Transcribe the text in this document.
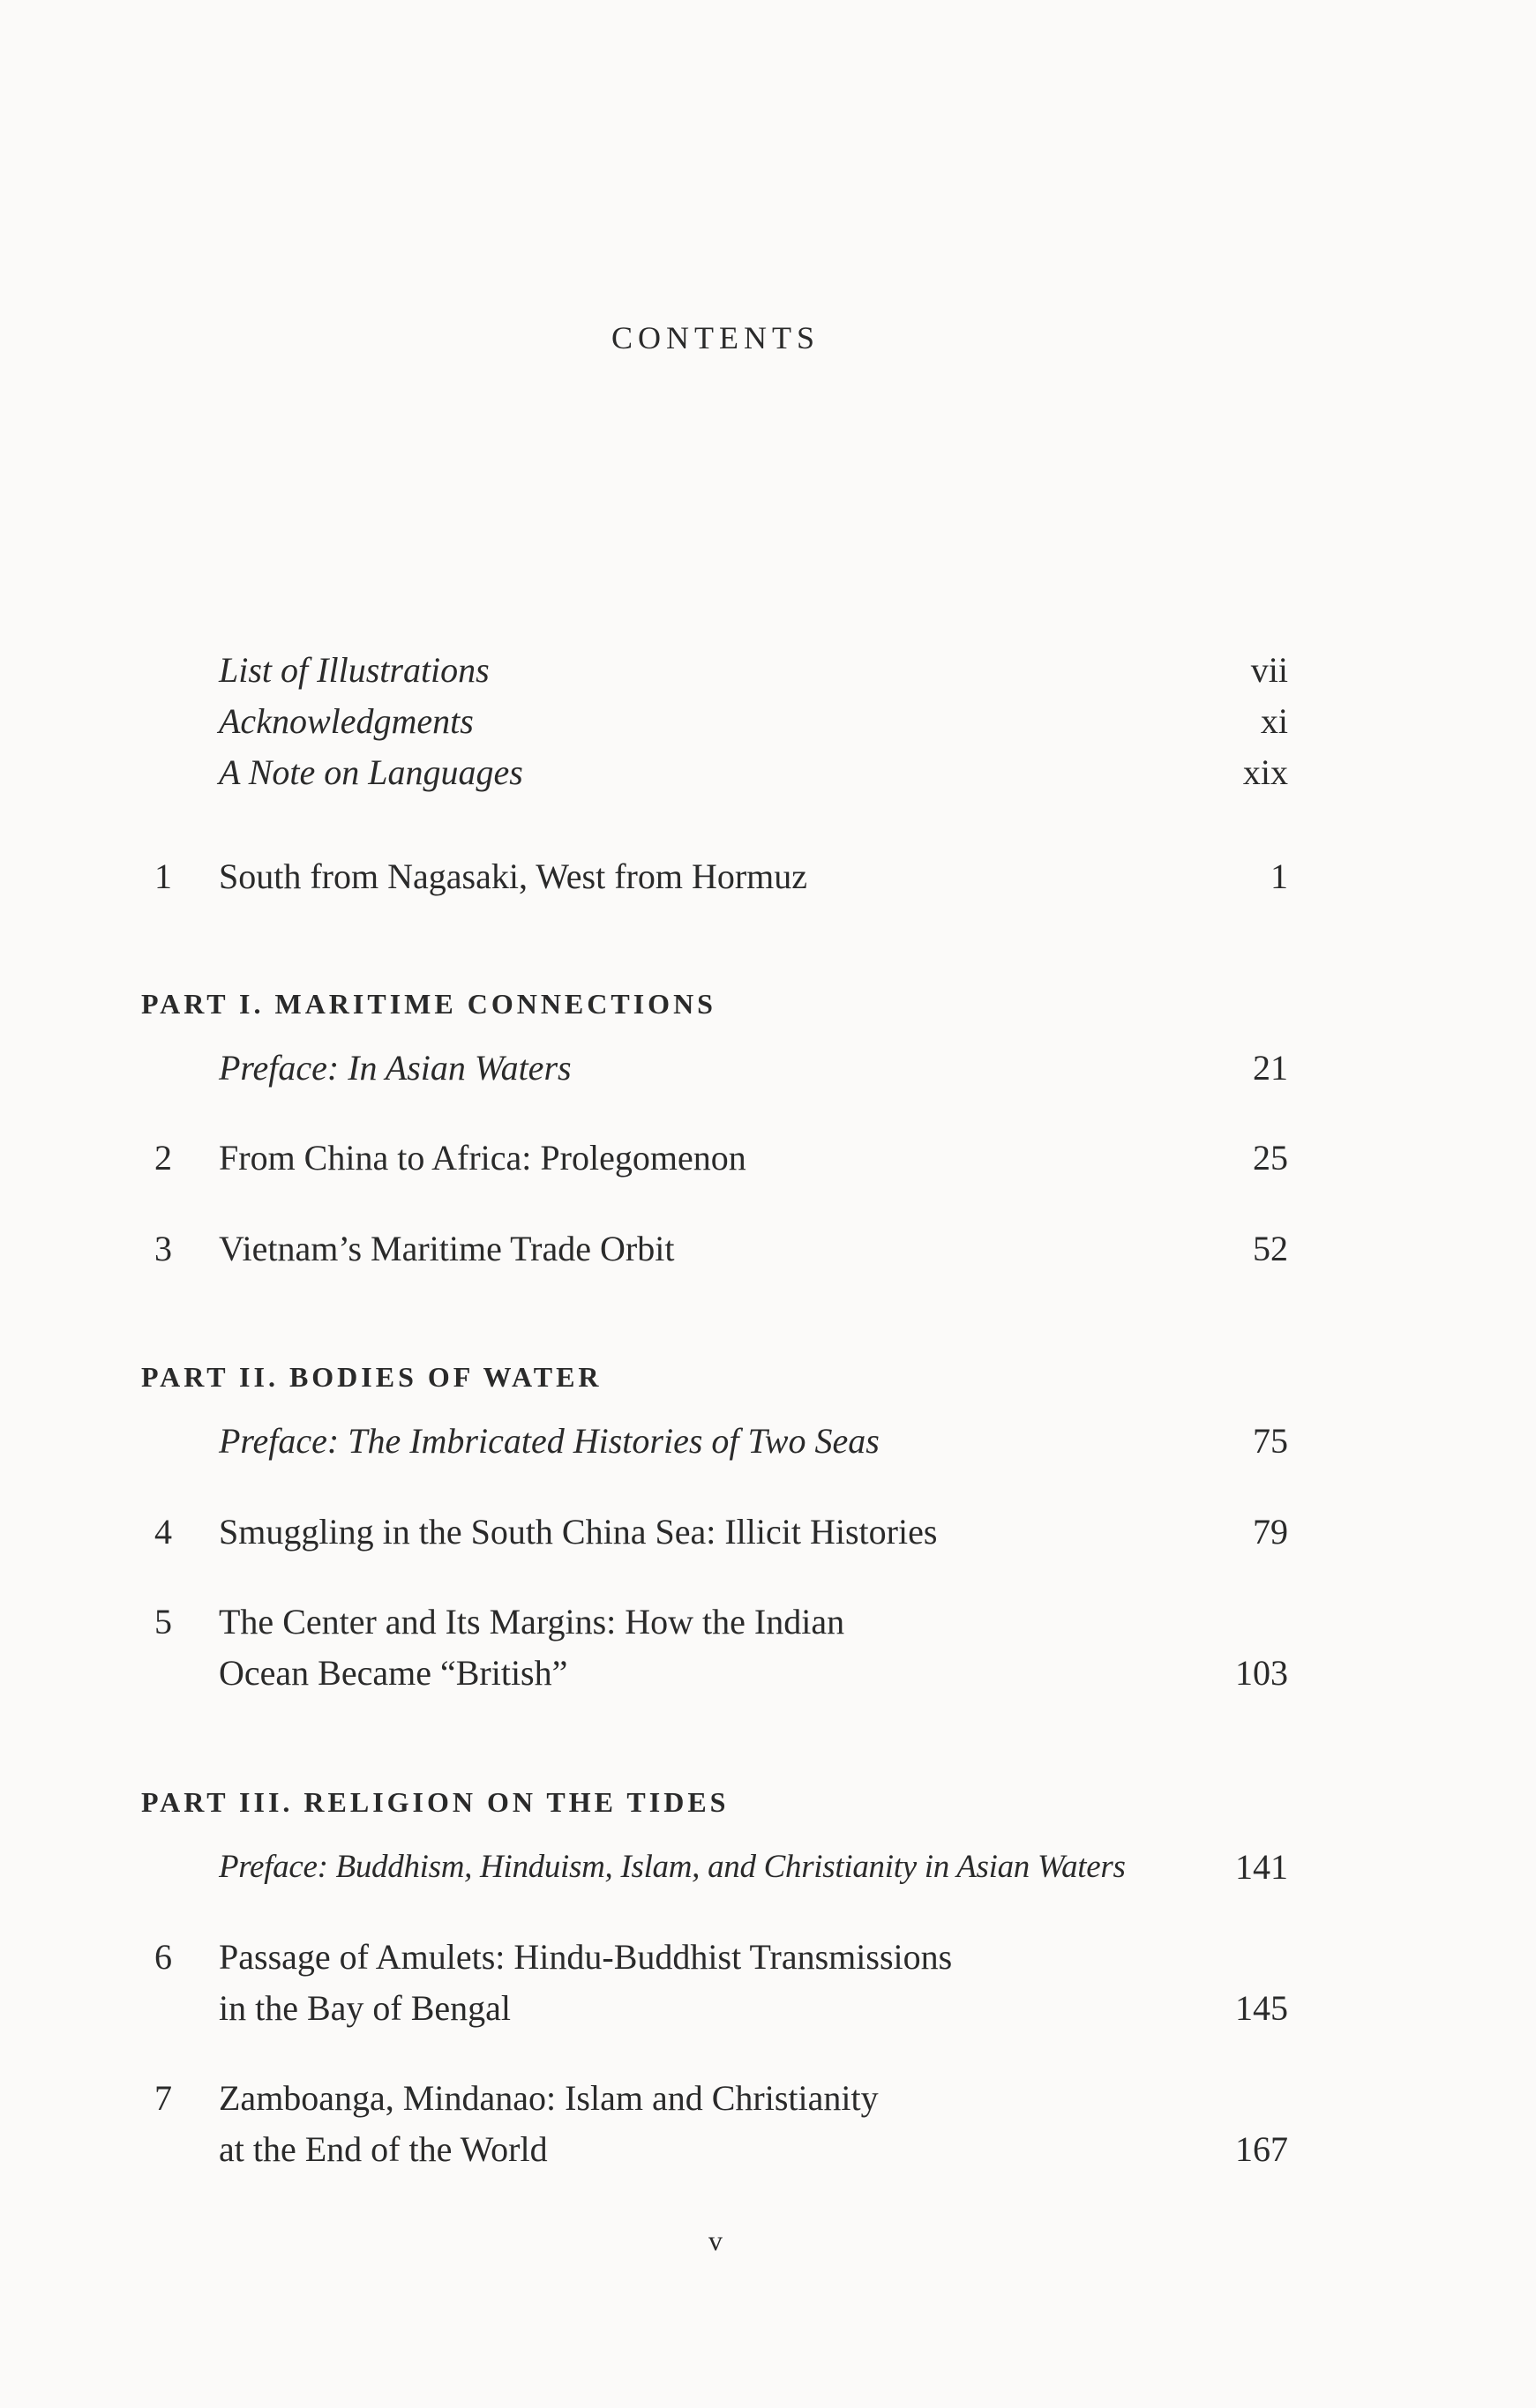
CONTENTS
List of Illustrations	vii
Acknowledgments	xi
A Note on Languages	xix
1	South from Nagasaki, West from Hormuz	1
PART I. MARITIME CONNECTIONS
Preface: In Asian Waters	21
2	From China to Africa: Prolegomenon	25
3	Vietnam’s Maritime Trade Orbit	52
PART II. BODIES OF WATER
Preface: The Imbricated Histories of Two Seas	75
4	Smuggling in the South China Sea: Illicit Histories	79
5	The Center and Its Margins: How the Indian
Ocean Became “British”	103
PART III. RELIGION ON THE TIDES
Preface: Buddhism, Hinduism, Islam, and Christianity in Asian Waters	141
6	Passage of Amulets: Hindu-Buddhist Transmissions
in the Bay of Bengal	145
7	Zamboanga, Mindanao: Islam and Christianity
at the End of the World	167
v
